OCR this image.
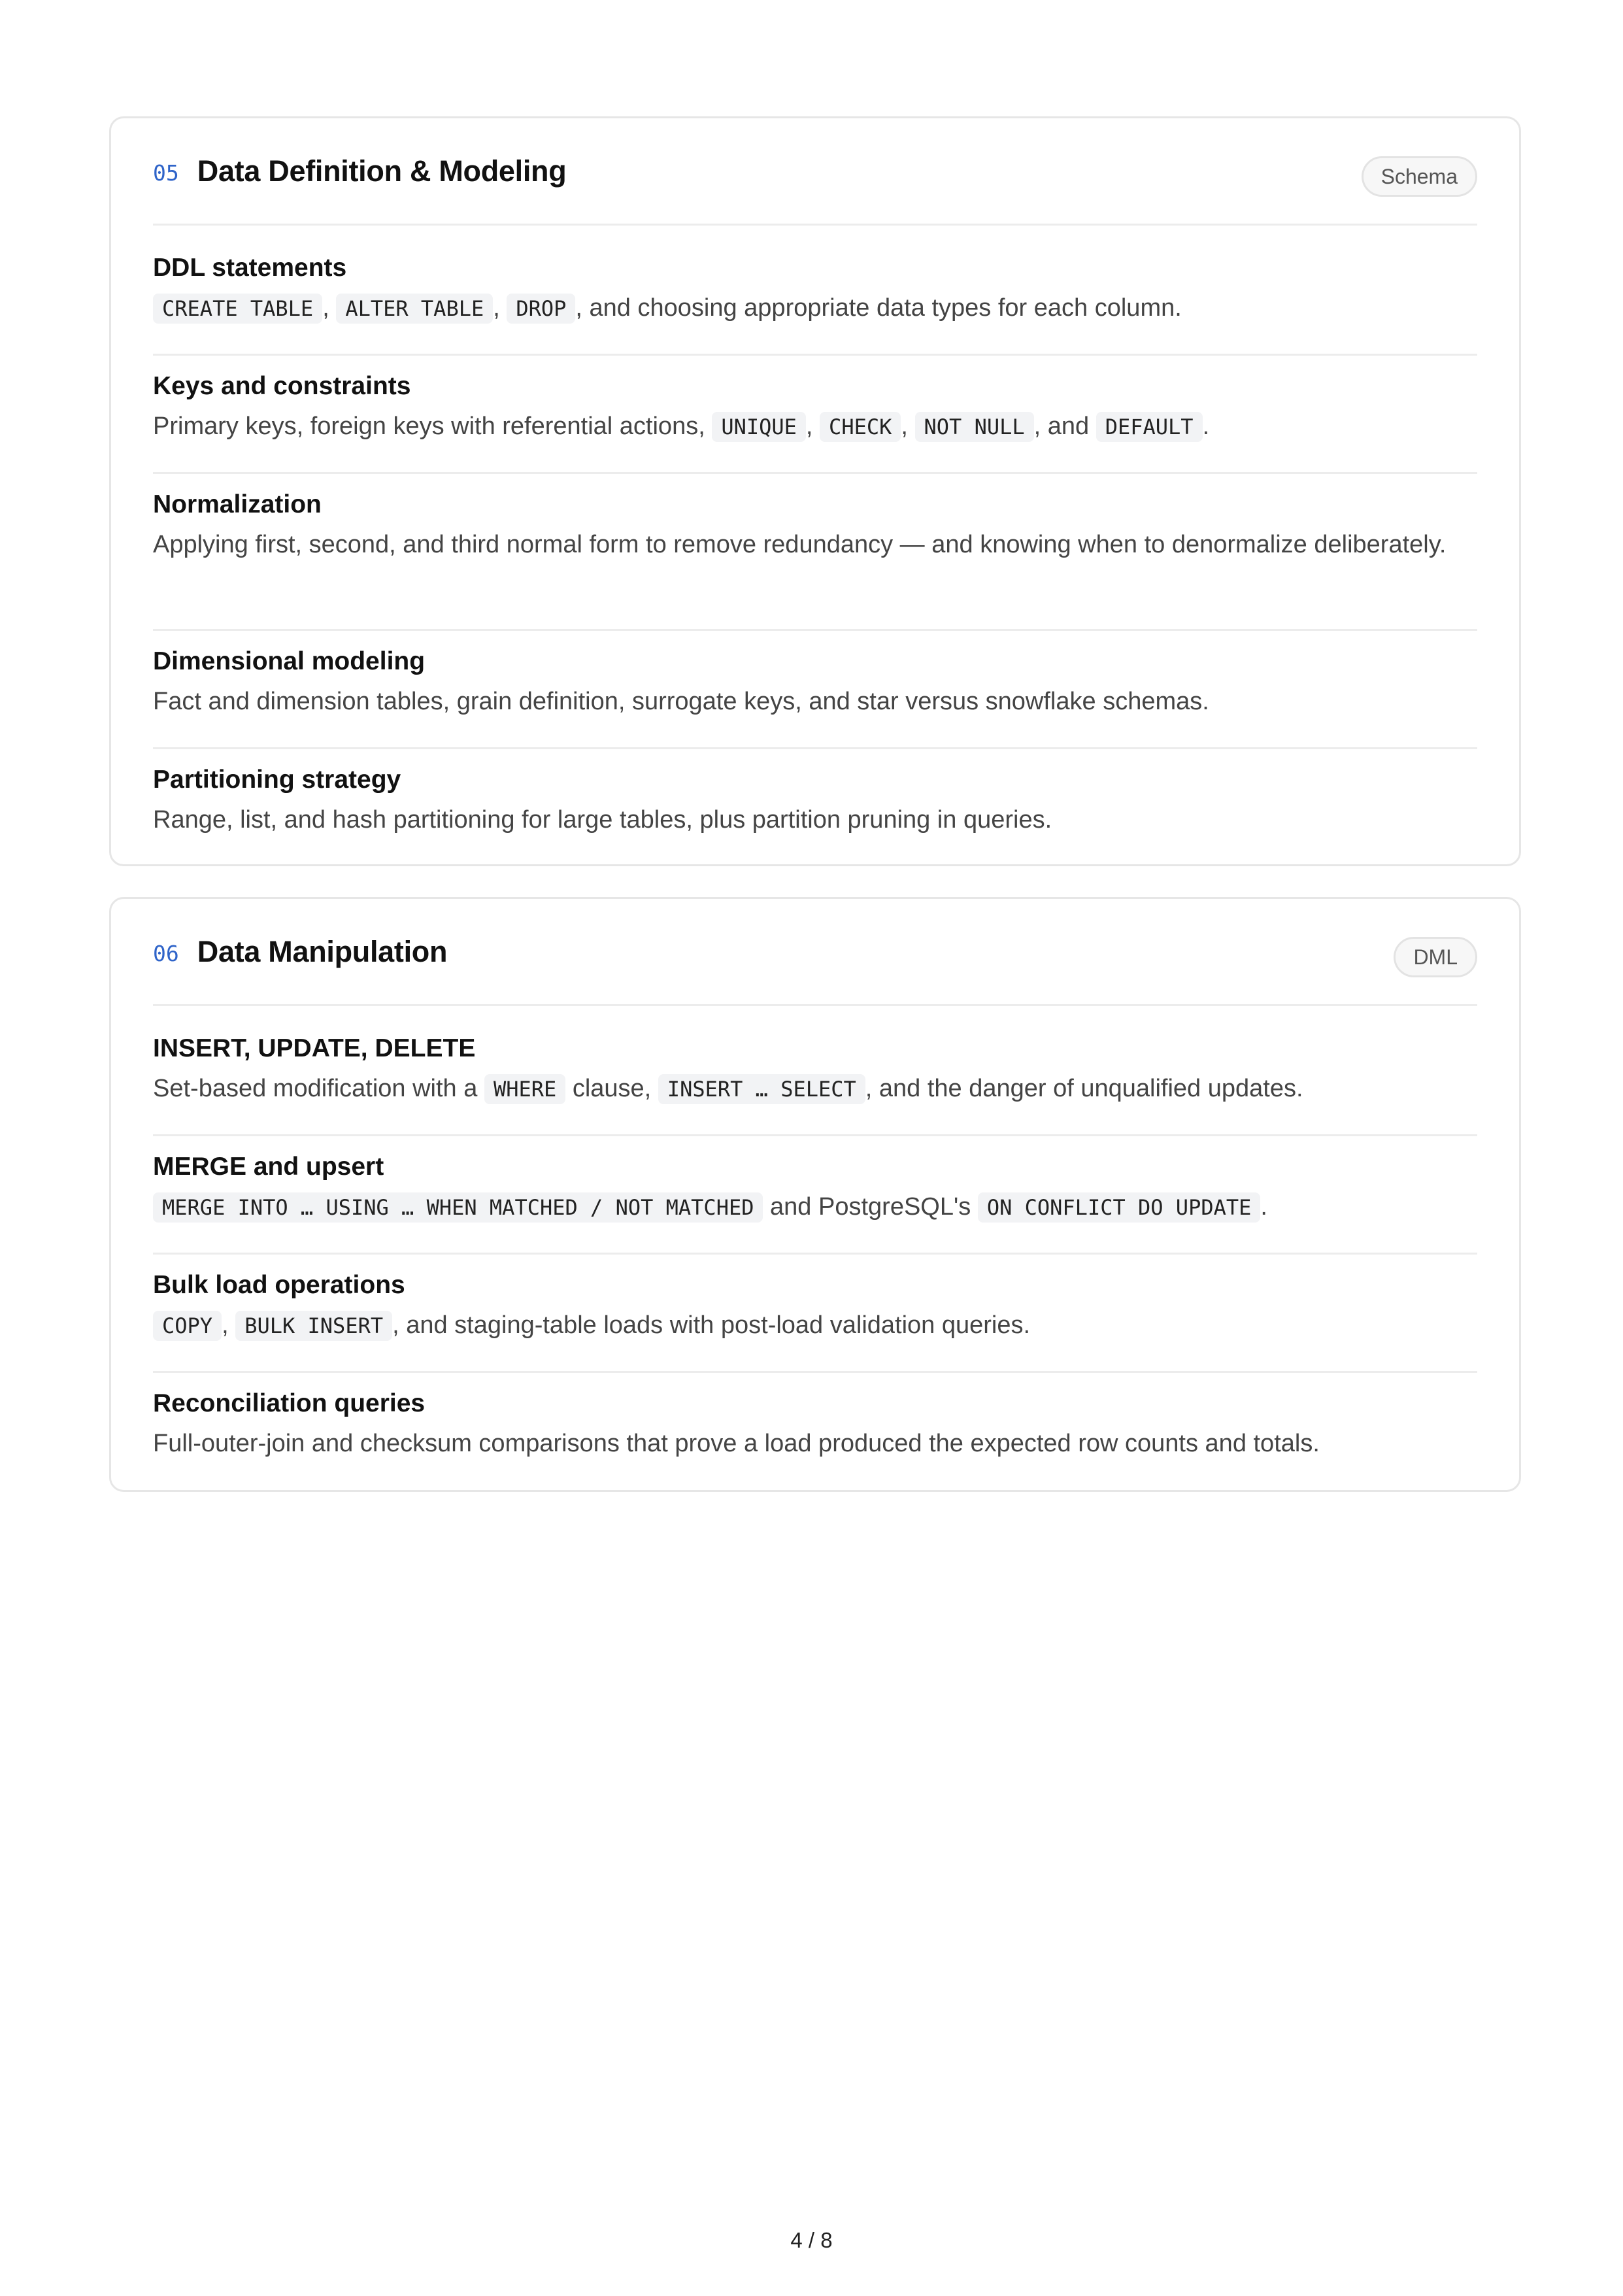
05 Data Definition & Modeling	Schema
DDL statements
CREATE TABLE , ALTER TABLE , DROP , and choosing appropriate data types for each column.
Keys and constraints
Primary keys, foreign keys with referential actions, UNIQUE , CHECK , NOT NULL , and DEFAULT .
Normalization
Applying first, second, and third normal form to remove redundancy — and knowing when to denormalize deliberately.
Dimensional modeling
Fact and dimension tables, grain definition, surrogate keys, and star versus snowflake schemas.
Partitioning strategy
Range, list, and hash partitioning for large tables, plus partition pruning in queries.
06 Data Manipulation	DML
INSERT, UPDATE, DELETE
Set-based modification with a WHERE clause, INSERT … SELECT , and the danger of unqualified updates.
MERGE and upsert
MERGE INTO … USING … WHEN MATCHED / NOT MATCHED and PostgreSQL's ON CONFLICT DO UPDATE .
Bulk load operations
COPY , BULK INSERT , and staging-table loads with post-load validation queries.
Reconciliation queries
Full-outer-join and checksum comparisons that prove a load produced the expected row counts and totals.
4 / 8
